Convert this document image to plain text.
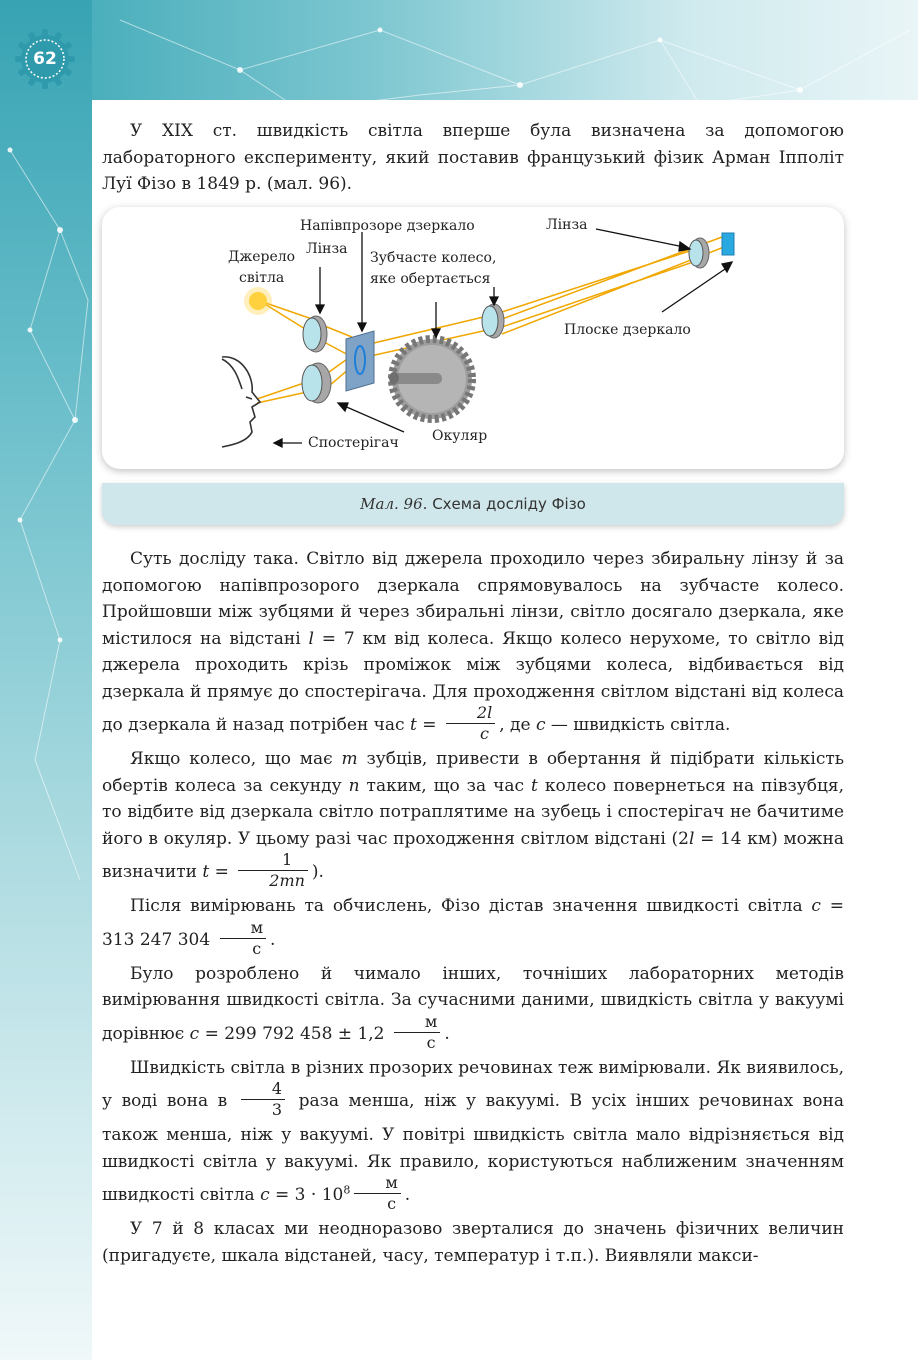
62

У XIX ст. швидкість світла вперше була визначена за допомогою лабораторного експерименту, який поставив французький фізик Арман Іпполіт Луї Фізо в 1849 р. (мал. 96).

Напівпрозоре дзеркало	Лінза
Джерело
світла
Лінза
Зубчасте колесо,
яке обертається
Плоске дзеркало
Окуляр
Спостерігач
Мал. 96. Схема досліду Фізо

Суть досліду така. Світло від джерела проходило через збиральну лінзу й за допомогою напівпрозорого дзеркала спрямовувалось на зубчасте колесо. Пройшовши між зубцями й через збиральні лінзи, світло досягало дзеркала, яке містилося на відстані l = 7 км від колеса. Якщо колесо нерухоме, то світло від джерела проходить крізь проміжок між зубцями колеса, відбивається від дзеркала й прямує до спостерігача. Для проходження світлом відстані від колеса до дзеркала й назад потрібен час $t = \frac{2l}{c}$ , де c — швидкість світла.

Якщо колесо, що має m зубців, привести в обертання й підібрати кількість обертів колеса за секунду n таким, що за час t колесо повернеться на півзубця, то відбите від дзеркала світло потраплятиме на зубець і спостерігач не бачитиме його в окуляр. У цьому разі час проходження світлом відстані (2l = 14 км) можна визначити $t = \frac{1}{2mn}$ ).

Після вимірювань та обчислень, Фізо дістав значення швидкості світла c = 313 247 $304 \frac{м}{с}$ .

Було розроблено й чимало інших, точніших лабораторних методів вимірювання швидкості світла. За сучасними даними, швидкість світла у вакуумі дорівнює c = 299 792 $458 \pm 1,2 \frac{м}{с}$ .

Швидкість світла в різних прозорих речовинах теж вимірювали. Як виявилось, у воді вона в $\frac{4}{3}$ раза менша, ніж у вакуумі. В усіх інших речовинах вона також менша, ніж у вакуумі. У повітрі швидкість світла мало відрізняється від швидкості світла у вакуумі. Як правило, користуються наближеним значенням швидкості світла $c = 3 \cdot 10^8 \frac{м}{с}$ .

У 7 й 8 класах ми неодноразово зверталися до значень фізичних величин (пригадуєте, шкала відстаней, часу, температур і т.п.). Виявляли макси-
